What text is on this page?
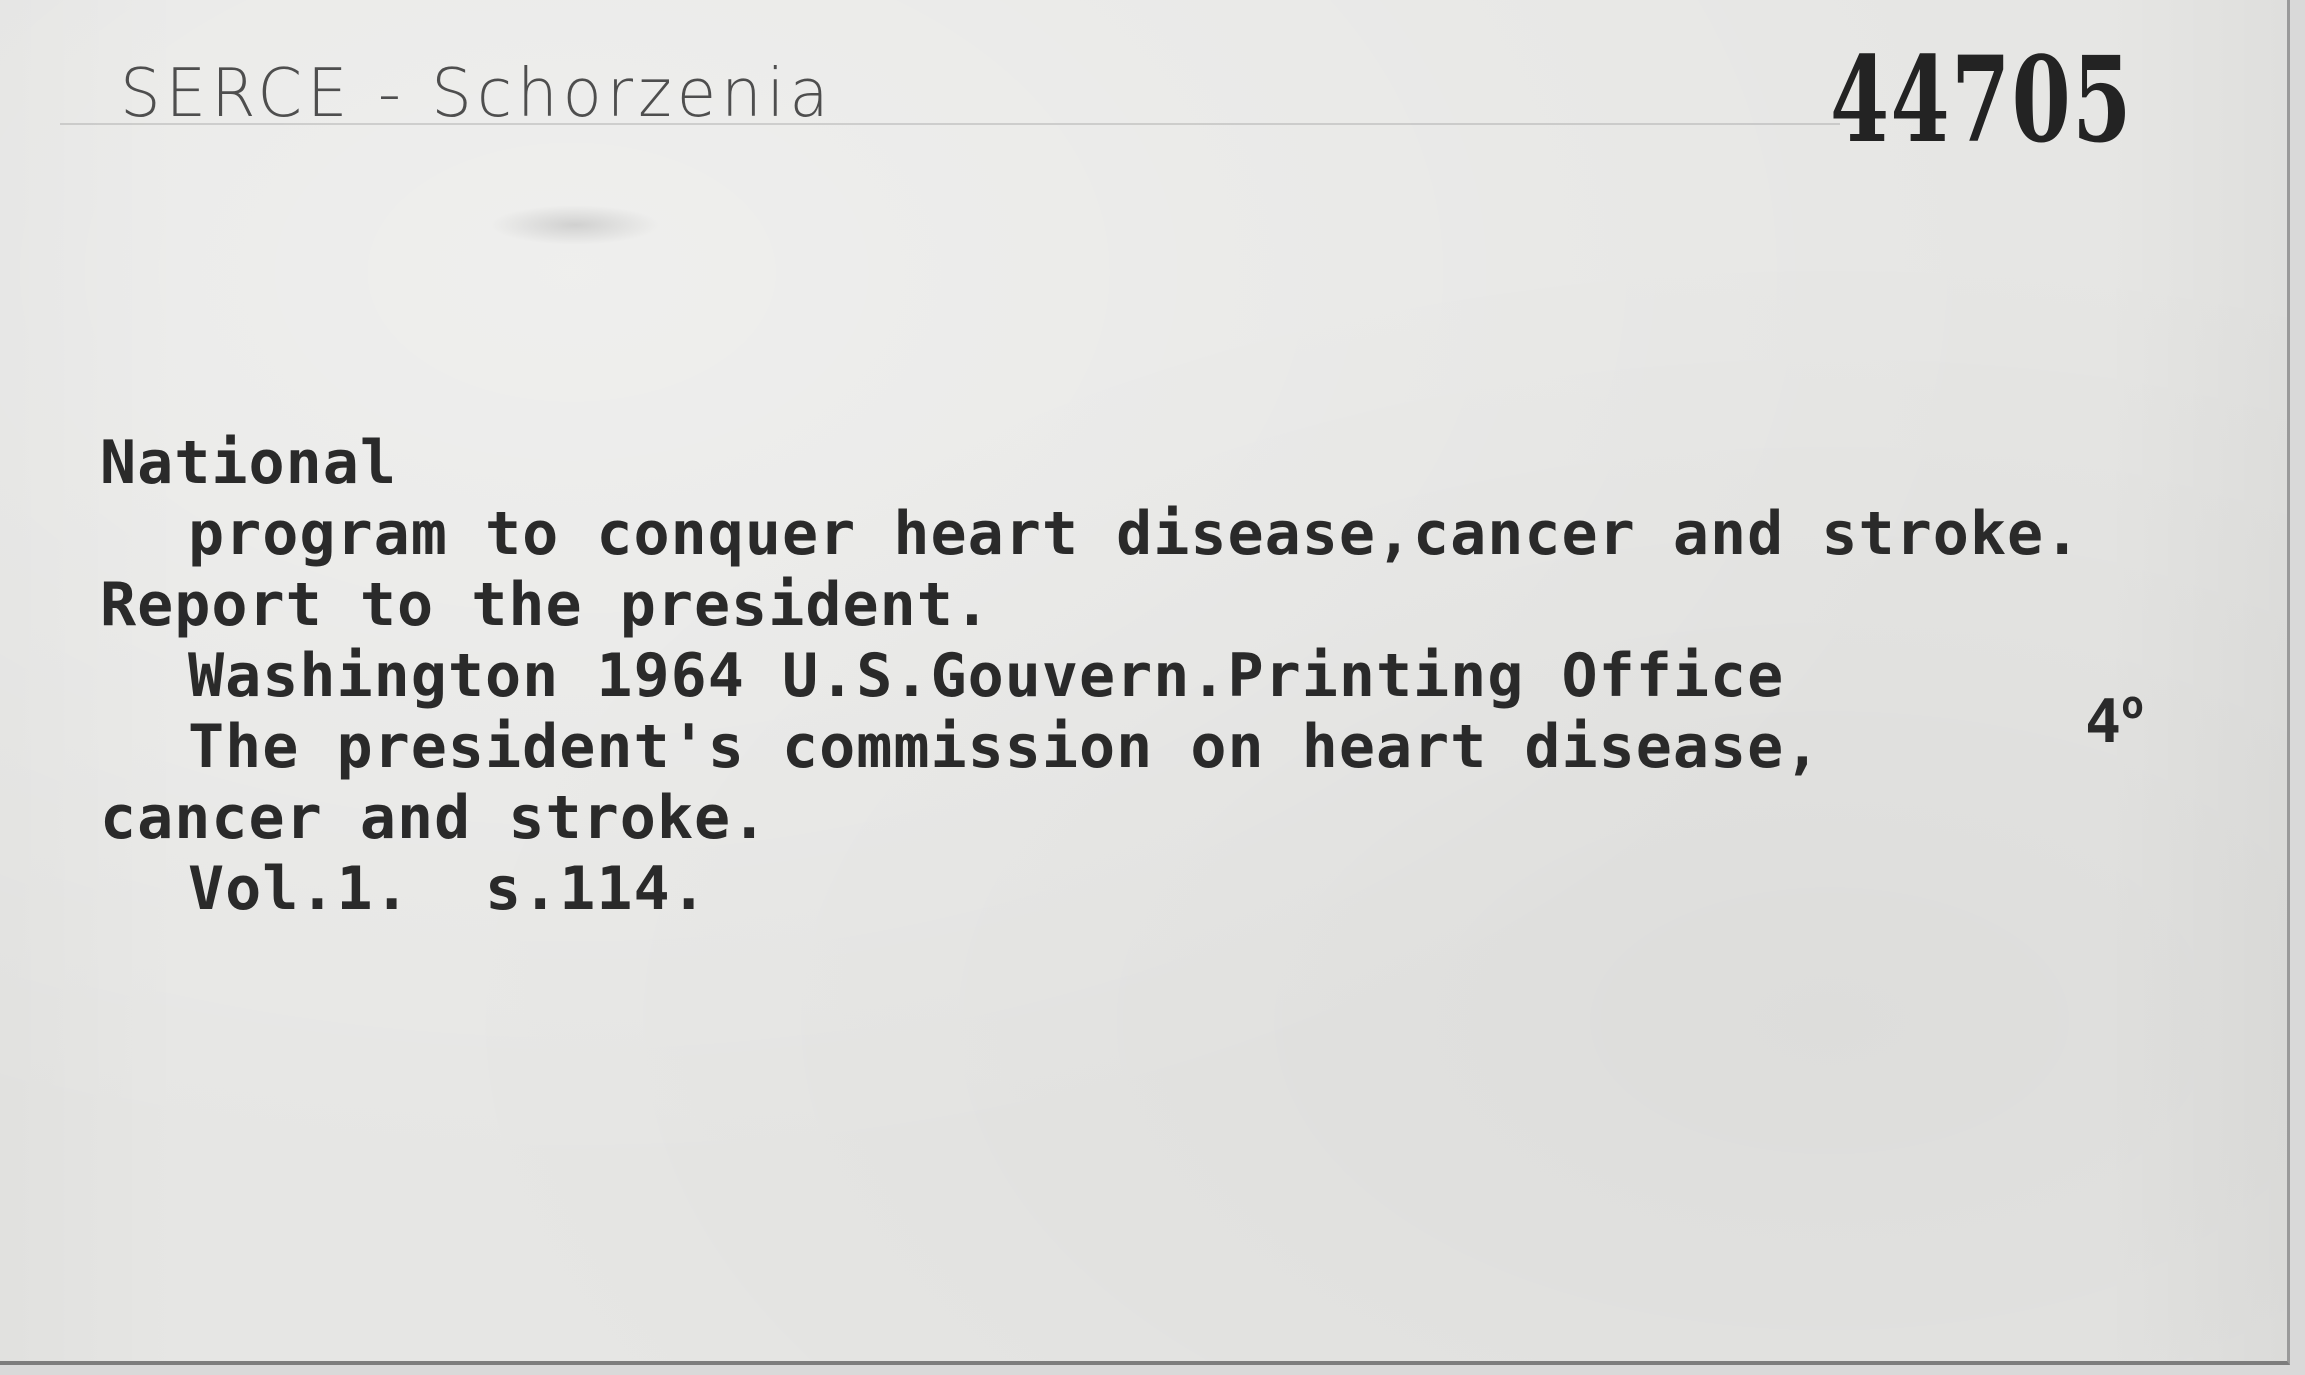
SERCE - Schorzenia	44705
National
program to conquer heart disease,cancer and stroke.
Report to the president.
Washington 1964 U.S.Gouvern.Printing Office
The president's commission on heart disease,
cancer and stroke.
Vol.1.  s.114.
4$^o$
